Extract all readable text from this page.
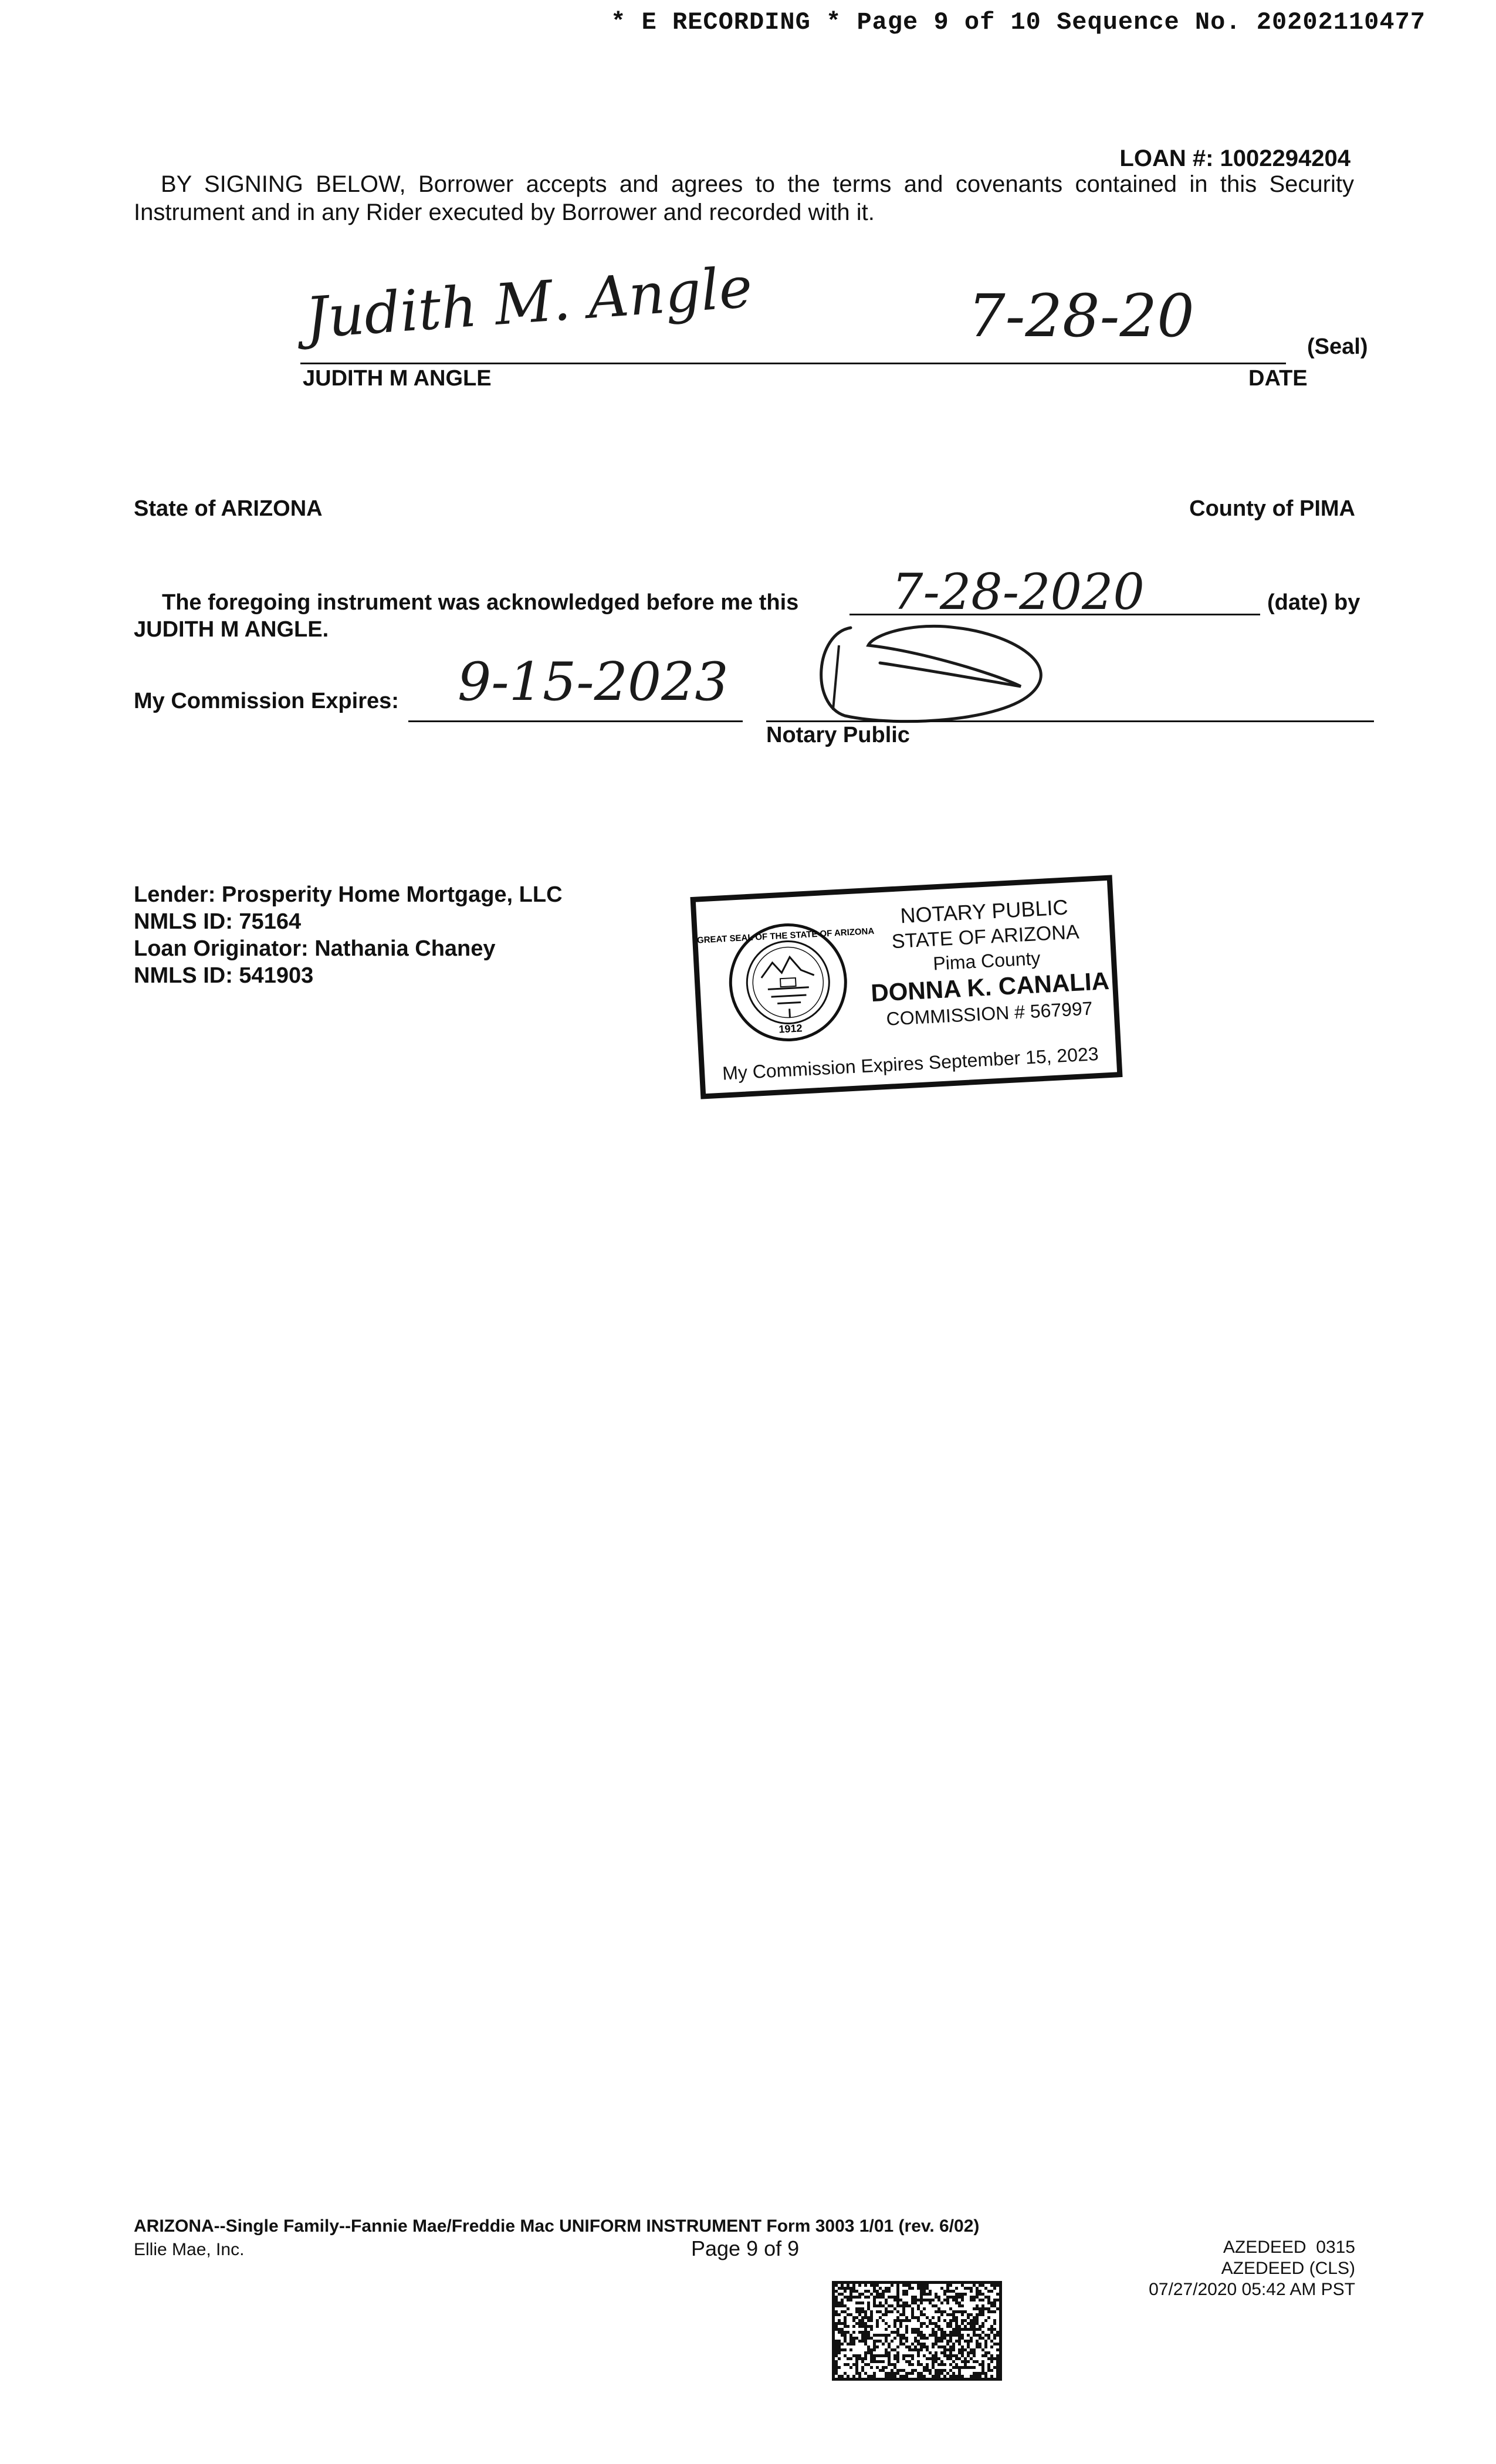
* E RECORDING * Page 9 of 10 Sequence No. 20202110477
LOAN #: 1002294204
BY SIGNING BELOW, Borrower accepts and agrees to the terms and covenants contained in this Security Instrument and in any Rider executed by Borrower and recorded with it.
Judith M. Angle	7-28-20	(Seal)
JUDITH M ANGLE	DATE
State of ARIZONA	County of PIMA
The foregoing instrument was acknowledged before me this 7-28-2020	(date) by
JUDITH M ANGLE.
My Commission Expires: 9-15-2023
Notary Public
Lender: Prosperity Home Mortgage, LLC
NMLS ID: 75164
Loan Originator: Nathania Chaney
NMLS ID: 541903
GREAT SEAL OF THE STATE OF ARIZONA
1912
NOTARY PUBLIC
STATE OF ARIZONA
Pima County
DONNA K. CANALIA
COMMISSION # 567997
My Commission Expires September 15, 2023
ARIZONA--Single Family--Fannie Mae/Freddie Mac UNIFORM INSTRUMENT Form 3003 1/01 (rev. 6/02)
Ellie Mae, Inc.	Page 9 of 9	AZEDEED  0315
AZEDEED (CLS)
07/27/2020 05:42 AM PST
